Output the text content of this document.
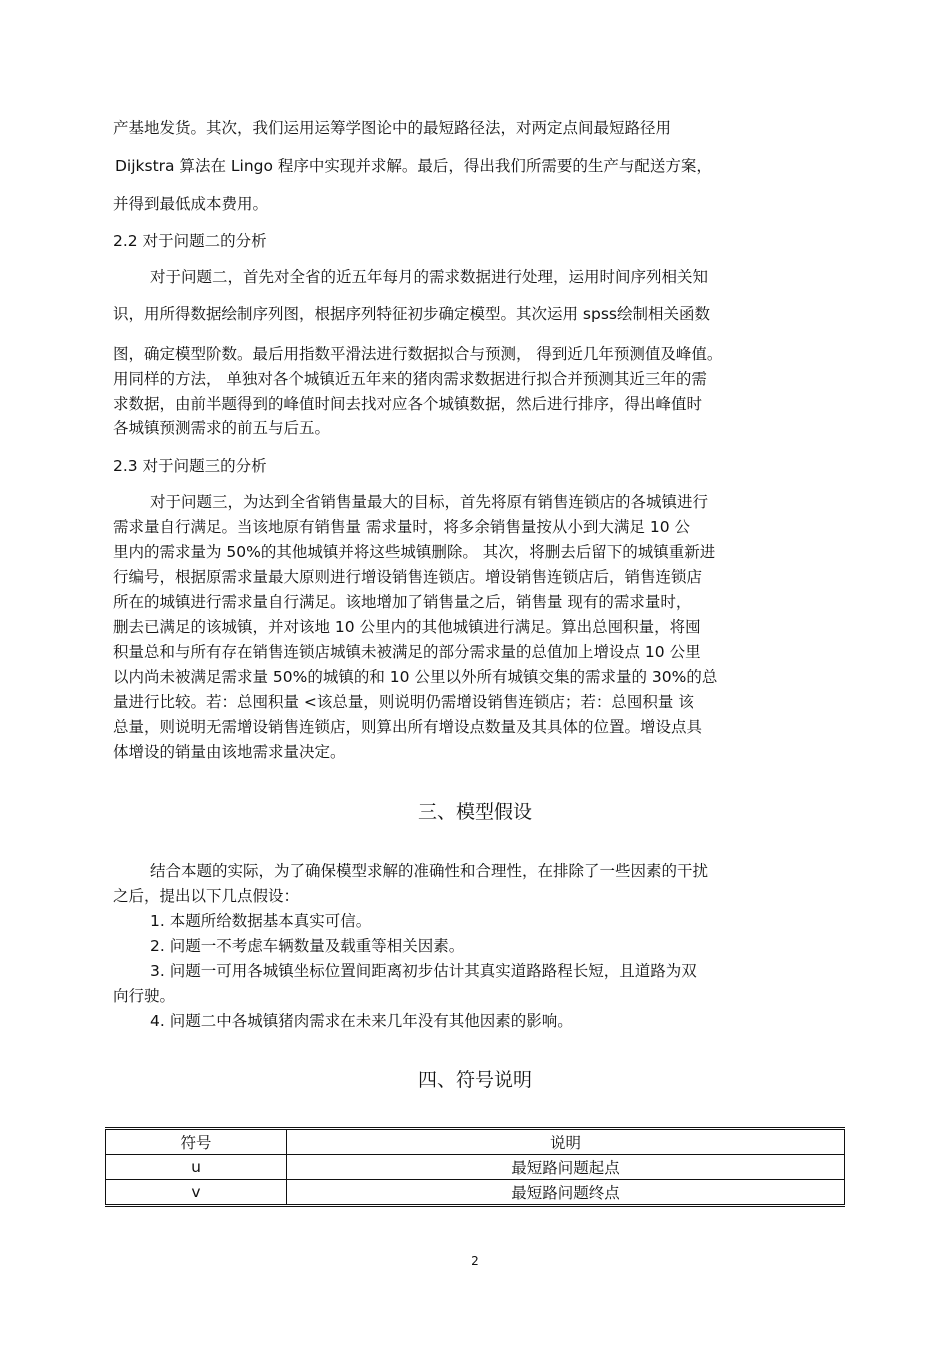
产基地发货。其次，我们运用运筹学图论中的最短路径法，对两定点间最短路径用
Dijkstra 算法在 Lingo 程序中实现并求解。最后，得出我们所需要的生产与配送方案，
并得到最低成本费用。
2.2 对于问题二的分析
对于问题二，首先对全省的近五年每月的需求数据进行处理，运用时间序列相关知
识，用所得数据绘制序列图，根据序列特征初步确定模型。其次运用 spss绘制相关函数
图，确定模型阶数。最后用指数平滑法进行数据拟合与预测， 得到近几年预测值及峰值。
用同样的方法， 单独对各个城镇近五年来的猪肉需求数据进行拟合并预测其近三年的需
求数据，由前半题得到的峰值时间去找对应各个城镇数据，然后进行排序，得出峰值时
各城镇预测需求的前五与后五。
2.3 对于问题三的分析
对于问题三，为达到全省销售量最大的目标，首先将原有销售连锁店的各城镇进行
需求量自行满足。当该地原有销售量 需求量时，将多余销售量按从小到大满足 10 公
里内的需求量为 50%的其他城镇并将这些城镇删除。 其次，将删去后留下的城镇重新进
行编号，根据原需求量最大原则进行增设销售连锁店。增设销售连锁店后，销售连锁店
所在的城镇进行需求量自行满足。该地增加了销售量之后，销售量 现有的需求量时，
删去已满足的该城镇，并对该地 10 公里内的其他城镇进行满足。算出总囤积量，将囤
积量总和与所有存在销售连锁店城镇未被满足的部分需求量的总值加上增设点 10 公里
以内尚未被满足需求量 50%的城镇的和 10 公里以外所有城镇交集的需求量的 30%的总
量进行比较。若：总囤积量 <该总量，则说明仍需增设销售连锁店；若：总囤积量 该
总量，则说明无需增设销售连锁店，则算出所有增设点数量及其具体的位置。增设点具
体增设的销量由该地需求量决定。
结合本题的实际，为了确保模型求解的准确性和合理性，在排除了一些因素的干扰
之后，提出以下几点假设：
1. 本题所给数据基本真实可信。
2. 问题一不考虑车辆数量及载重等相关因素。
3. 问题一可用各城镇坐标位置间距离初步估计其真实道路路程长短，且道路为双
向行驶。
4. 问题二中各城镇猪肉需求在未来几年没有其他因素的影响。
三、模型假设
四、符号说明
符号	说明
u	最短路问题起点
v	最短路问题终点
2
